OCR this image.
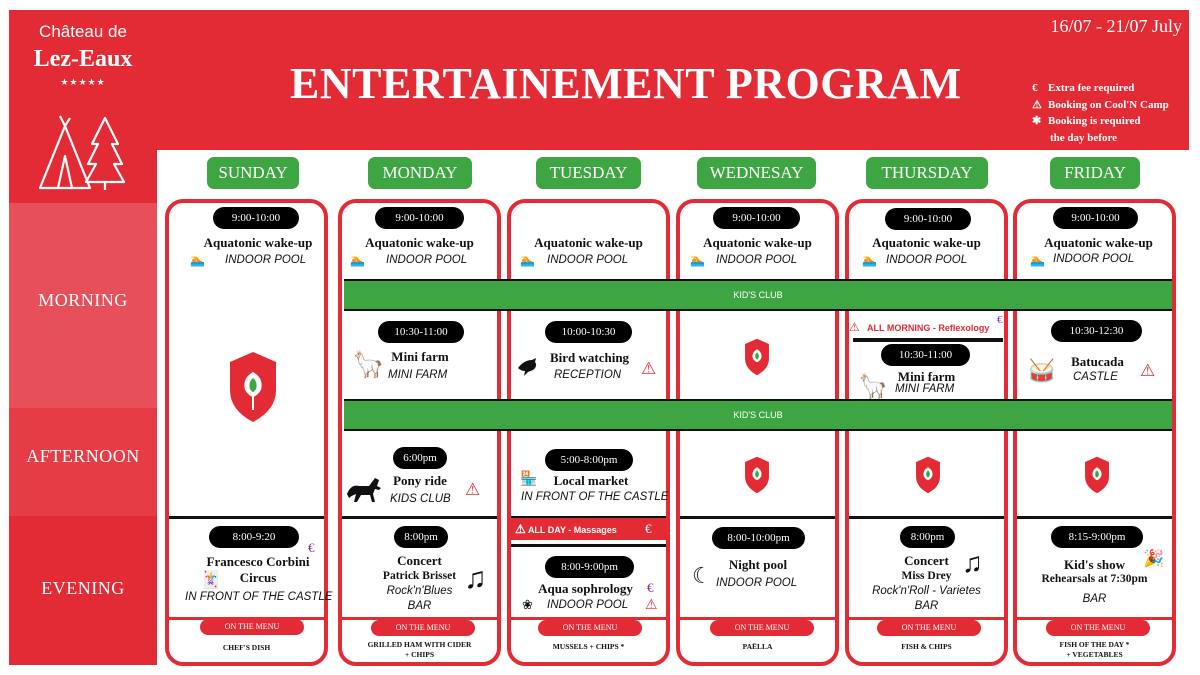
Château de
Lez-Eaux
★★★★★
MORNING
AFTERNOON
EVENING
ENTERTAINEMENT PROGRAM
16/07 - 21/07 July
€ Extra fee required
⚠ Booking on Cool'N Camp
✱ Booking is required
the day before
SUNDAY	MONDAY	TUESDAY	WEDNESAY	THURSDAY	FRIDAY
KID'S CLUB
KID'S CLUB
9:00-10:00
Aquatonic wake-up
🏊 INDOOR POOL
8:00-9:20
€
Francesco Corbini
Circus
🃏
IN FRONT OF THE CASTLE
ON THE MENU
CHEF'S DISH
9:00-10:00
Aquatonic wake-up
🏊 INDOOR POOL
10:30-11:00
🦙 Mini farm
MINI FARM
6:00pm
Pony ride
KIDS CLUB ⚠
8:00pm
Concert
Patrick Brisset
Rock'n'Blues
BAR
♫
ON THE MENU
GRILLED HAM WITH CIDER
+ CHIPS
Aquatonic wake-up
🏊 INDOOR POOL
10:00-10:30
Bird watching
RECEPTION ⚠
5:00-8:00pm
🏪	Local market
IN FRONT OF THE CASTLE
⚠ ALL DAY - Massages	€
8:00-9:00pm
Aqua sophrology	€
❀ INDOOR POOL ⚠
ON THE MENU
MUSSELS + CHIPS *
9:00-10:00
Aquatonic wake-up
🏊 INDOOR POOL
8:00-10:00pm
☾	Night pool
INDOOR POOL
ON THE MENU
PAËLLA
9:00-10:00
Aquatonic wake-up
🏊 INDOOR POOL
⚠ ALL MORNING - Reflexology
€
10:30-11:00
🦙 Mini farm
MINI FARM
8:00pm
Concert
Miss Drey
Rock'n'Roll - Varietes
BAR
♫
ON THE MENU
FISH & CHIPS
9:00-10:00
Aquatonic wake-up
🏊 INDOOR POOL
10:30-12:30
🥁	Batucada
CASTLE ⚠
8:15-9:00pm
Kid's show	🎉
Rehearsals at 7:30pm
BAR
ON THE MENU
FISH OF THE DAY *
+ VEGETABLES
